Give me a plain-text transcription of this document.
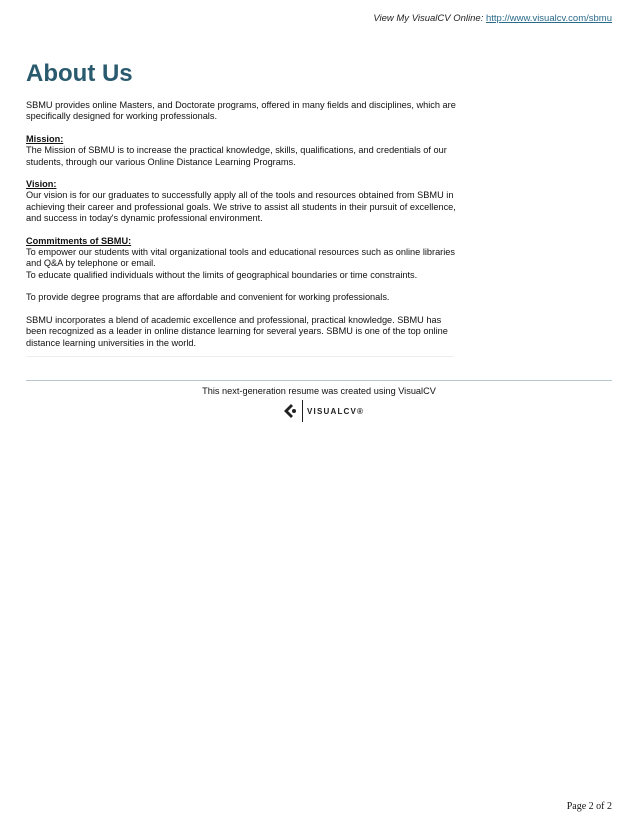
View My VisualCV Online: http://www.visualcv.com/sbmu
About Us

SBMU provides online Masters, and Doctorate programs, offered in many fields and disciplines, which are specifically designed for working professionals.

Mission:
The Mission of SBMU is to increase the practical knowledge, skills, qualifications, and credentials of our students, through our various Online Distance Learning Programs.

Vision:
Our vision is for our graduates to successfully apply all of the tools and resources obtained from SBMU in achieving their career and professional goals. We strive to assist all students in their pursuit of excellence, and success in today's dynamic professional environment.

Commitments of SBMU:
To empower our students with vital organizational tools and educational resources such as online libraries and Q&A by telephone or email.
To educate qualified individuals without the limits of geographical boundaries or time constraints.

To provide degree programs that are affordable and convenient for working professionals.

SBMU incorporates a blend of academic excellence and professional, practical knowledge. SBMU has been recognized as a leader in online distance learning for several years. SBMU is one of the top online distance learning universities in the world.

This next-generation resume was created using VisualCV
VISUALCV®
Page 2 of 2
